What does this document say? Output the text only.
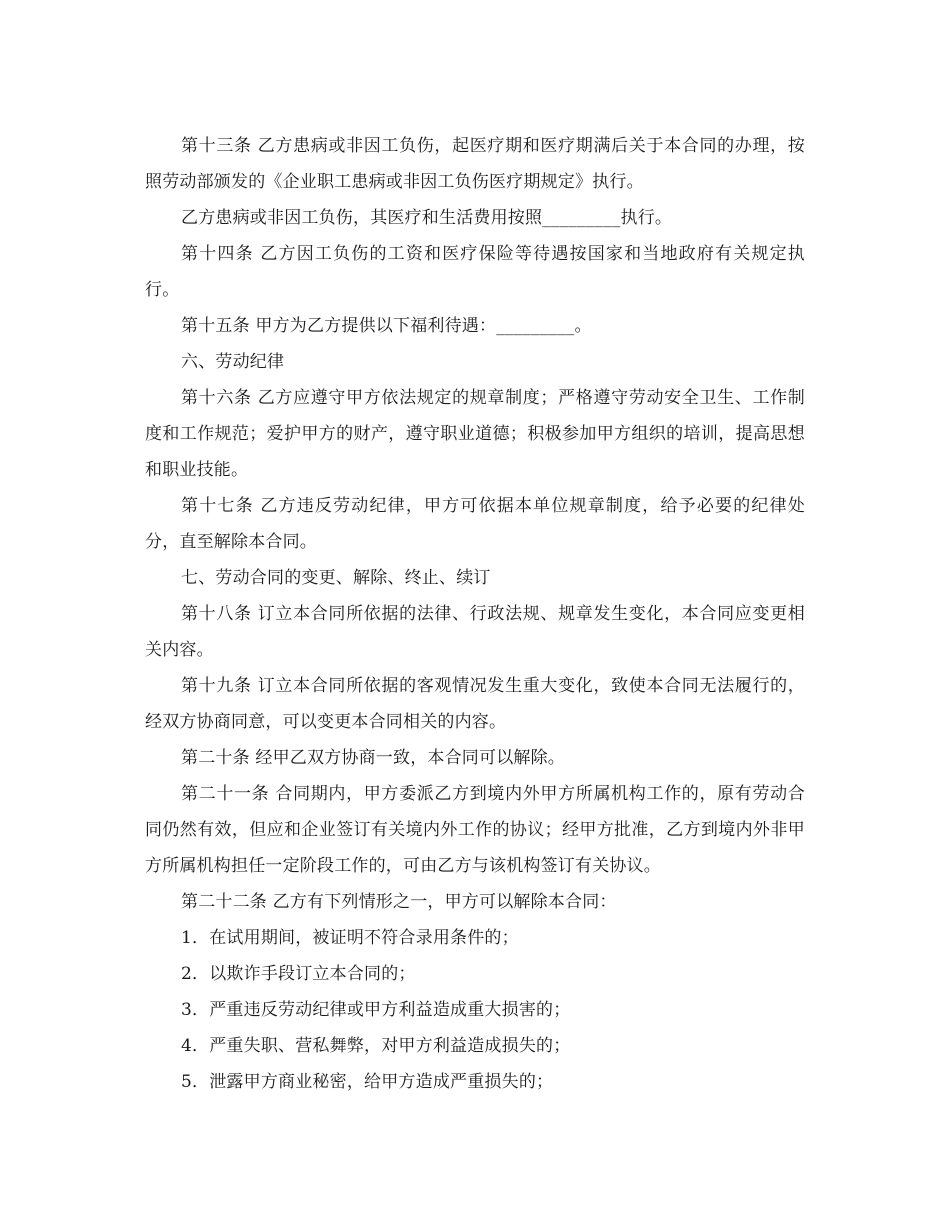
第十三条 乙方患病或非因工负伤，起医疗期和医疗期满后关于本合同的办理，按照劳动部颁发的《企业职工患病或非因工负伤医疗期规定》执行。

乙方患病或非因工负伤，其医疗和生活费用按照_________执行。

第十四条 乙方因工负伤的工资和医疗保险等待遇按国家和当地政府有关规定执行。

第十五条 甲方为乙方提供以下福利待遇：_________。

六、劳动纪律

第十六条 乙方应遵守甲方依法规定的规章制度；严格遵守劳动安全卫生、工作制度和工作规范；爱护甲方的财产，遵守职业道德；积极参加甲方组织的培训，提高思想和职业技能。

第十七条 乙方违反劳动纪律，甲方可依据本单位规章制度，给予必要的纪律处分，直至解除本合同。

七、劳动合同的变更、解除、终止、续订

第十八条 订立本合同所依据的法律、行政法规、规章发生变化，本合同应变更相关内容。

第十九条 订立本合同所依据的客观情况发生重大变化，致使本合同无法履行的，经双方协商同意，可以变更本合同相关的内容。

第二十条 经甲乙双方协商一致，本合同可以解除。

第二十一条 合同期内，甲方委派乙方到境内外甲方所属机构工作的，原有劳动合同仍然有效，但应和企业签订有关境内外工作的协议；经甲方批准，乙方到境内外非甲方所属机构担任一定阶段工作的，可由乙方与该机构签订有关协议。

第二十二条 乙方有下列情形之一，甲方可以解除本合同：

1．在试用期间，被证明不符合录用条件的；

2．以欺诈手段订立本合同的；

3．严重违反劳动纪律或甲方利益造成重大损害的；

4．严重失职、营私舞弊，对甲方利益造成损失的；

5．泄露甲方商业秘密，给甲方造成严重损失的；
